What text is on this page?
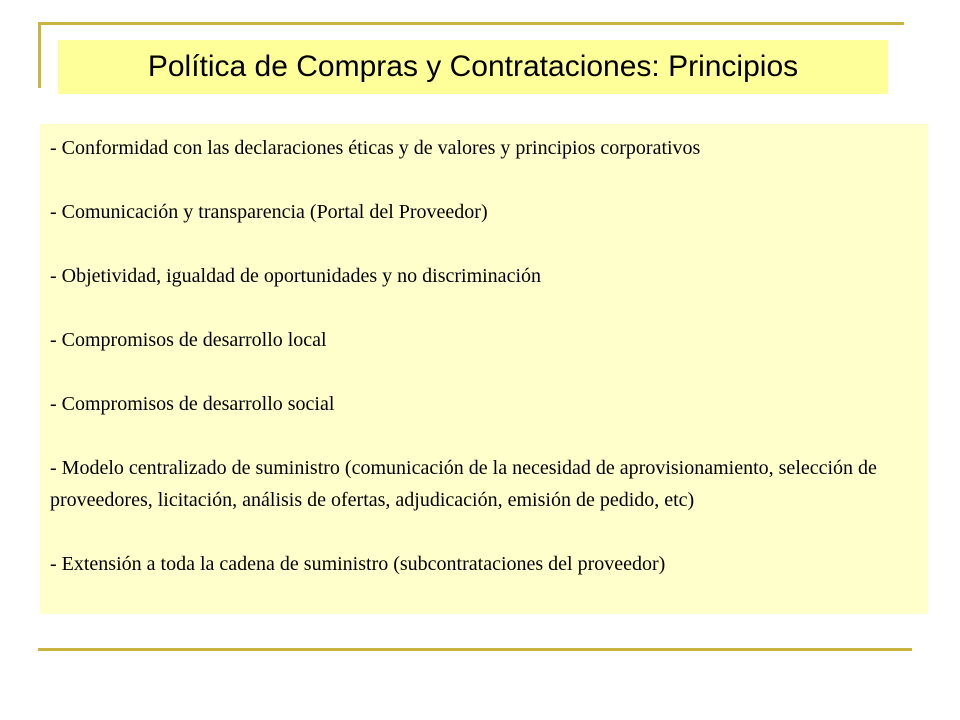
Política de Compras y Contrataciones: Principios
- Conformidad con las declaraciones éticas y de valores y principios corporativos
- Comunicación y transparencia (Portal del Proveedor)
- Objetividad, igualdad de oportunidades y no discriminación
- Compromisos de desarrollo local
- Compromisos de desarrollo social
- Modelo centralizado de suministro (comunicación de la necesidad de aprovisionamiento, selección de proveedores, licitación, análisis de ofertas, adjudicación, emisión de pedido, etc)
- Extensión a toda la cadena de suministro (subcontrataciones del proveedor)
